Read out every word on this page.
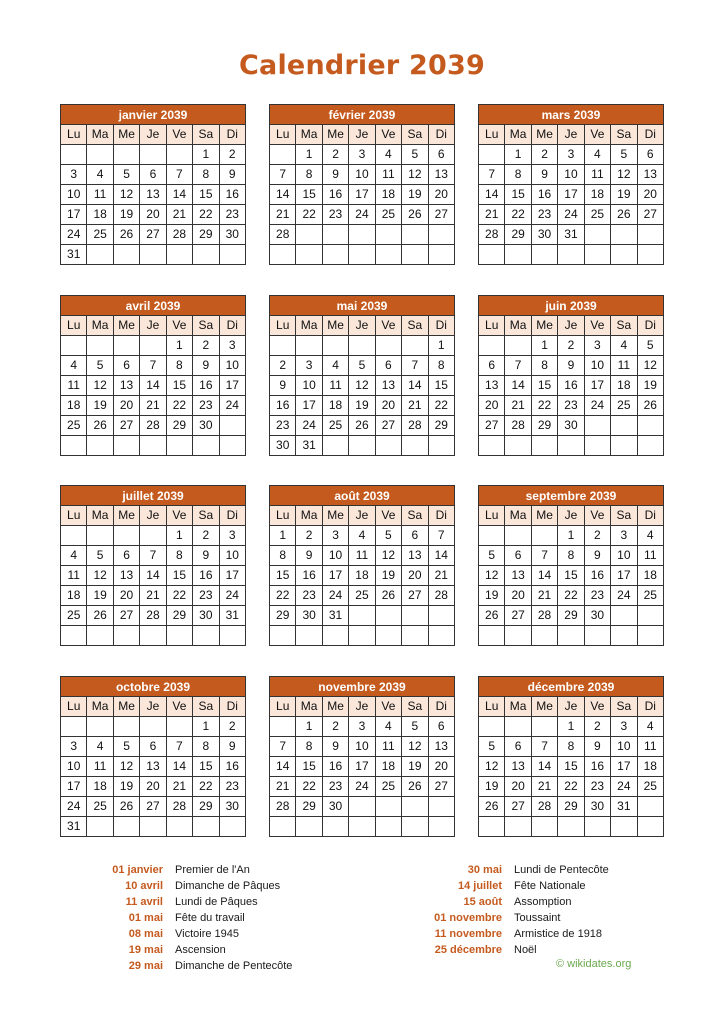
Calendrier 2039
janvier 2039						
Lu	Ma	Me	Je	Ve	Sa	Di
					1	2
3	4	5	6	7	8	9
10	11	12	13	14	15	16
17	18	19	20	21	22	23
24	25	26	27	28	29	30
31						
février 2039						
Lu	Ma	Me	Je	Ve	Sa	Di
	1	2	3	4	5	6
7	8	9	10	11	12	13
14	15	16	17	18	19	20
21	22	23	24	25	26	27
28						

mars 2039						
Lu	Ma	Me	Je	Ve	Sa	Di
	1	2	3	4	5	6
7	8	9	10	11	12	13
14	15	16	17	18	19	20
21	22	23	24	25	26	27
28	29	30	31			

avril 2039						
Lu	Ma	Me	Je	Ve	Sa	Di
				1	2	3
4	5	6	7	8	9	10
11	12	13	14	15	16	17
18	19	20	21	22	23	24
25	26	27	28	29	30	

mai 2039						
Lu	Ma	Me	Je	Ve	Sa	Di
						1
2	3	4	5	6	7	8
9	10	11	12	13	14	15
16	17	18	19	20	21	22
23	24	25	26	27	28	29
30	31					
juin 2039						
Lu	Ma	Me	Je	Ve	Sa	Di
		1	2	3	4	5
6	7	8	9	10	11	12
13	14	15	16	17	18	19
20	21	22	23	24	25	26
27	28	29	30			

juillet 2039						
Lu	Ma	Me	Je	Ve	Sa	Di
				1	2	3
4	5	6	7	8	9	10
11	12	13	14	15	16	17
18	19	20	21	22	23	24
25	26	27	28	29	30	31

août 2039						
Lu	Ma	Me	Je	Ve	Sa	Di
1	2	3	4	5	6	7
8	9	10	11	12	13	14
15	16	17	18	19	20	21
22	23	24	25	26	27	28
29	30	31				

septembre 2039						
Lu	Ma	Me	Je	Ve	Sa	Di
			1	2	3	4
5	6	7	8	9	10	11
12	13	14	15	16	17	18
19	20	21	22	23	24	25
26	27	28	29	30		

octobre 2039						
Lu	Ma	Me	Je	Ve	Sa	Di
					1	2
3	4	5	6	7	8	9
10	11	12	13	14	15	16
17	18	19	20	21	22	23
24	25	26	27	28	29	30
31						
novembre 2039						
Lu	Ma	Me	Je	Ve	Sa	Di
	1	2	3	4	5	6
7	8	9	10	11	12	13
14	15	16	17	18	19	20
21	22	23	24	25	26	27
28	29	30				

décembre 2039						
Lu	Ma	Me	Je	Ve	Sa	Di
			1	2	3	4
5	6	7	8	9	10	11
12	13	14	15	16	17	18
19	20	21	22	23	24	25
26	27	28	29	30	31	

01 janvier Premier de l'An
10 avril Dimanche de Pâques
11 avril Lundi de Pâques
01 mai Fête du travail
08 mai Victoire 1945
19 mai Ascension
29 mai Dimanche de Pentecôte
30 mai Lundi de Pentecôte
14 juillet Fête Nationale
15 août Assomption
01 novembre Toussaint
11 novembre Armistice de 1918
25 décembre Noël
© wikidates.org
